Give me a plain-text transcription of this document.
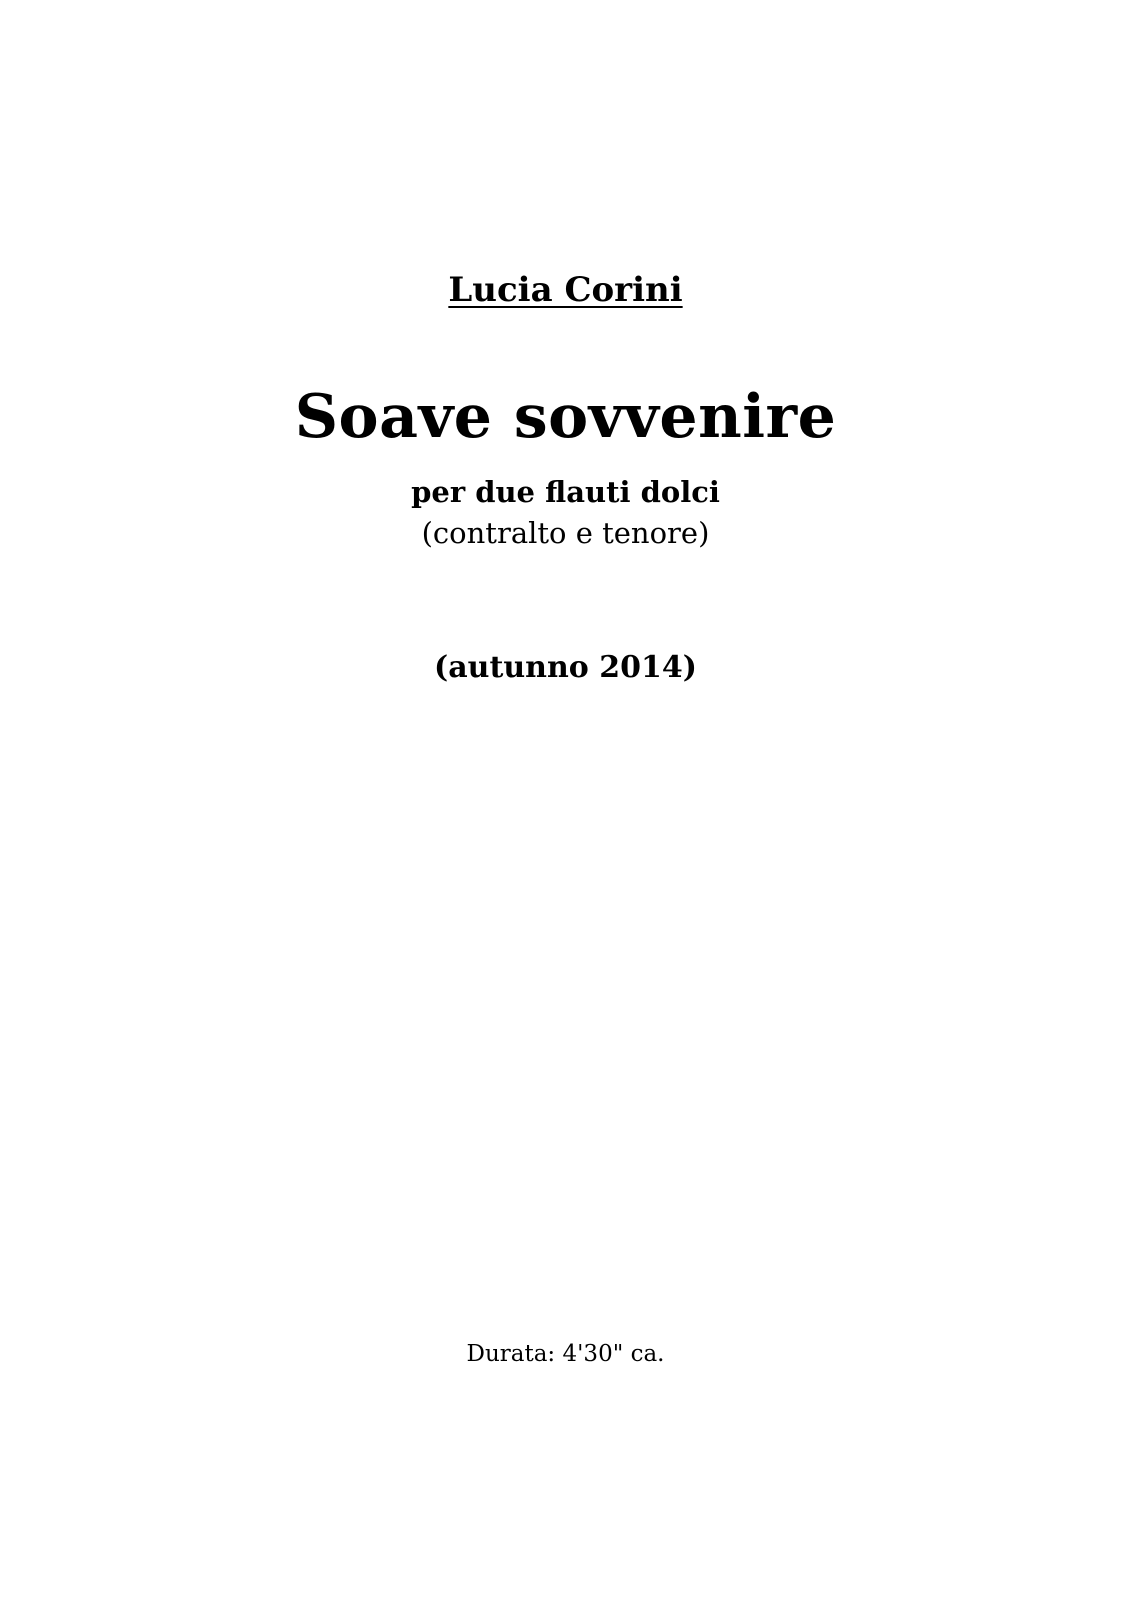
Lucia Corini
Soave sovvenire
per due flauti dolci
(contralto e tenore)
(autunno 2014)
Durata: 4'30" ca.
